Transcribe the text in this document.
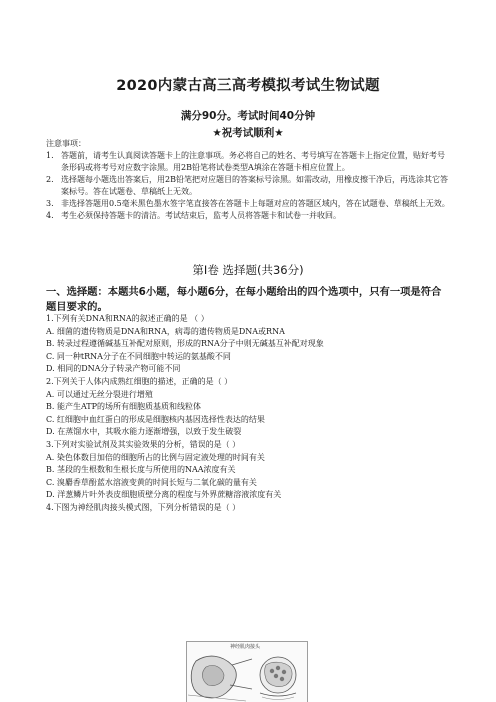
2020内蒙古高三高考模拟考试生物试题
满分90分。考试时间40分钟
★祝考试顺利★
注意事项：
1. 答题前，请考生认真阅读答题卡上的注意事项。务必将自己的姓名、考号填写在答题卡上指定位置，贴好考号条形码或将考号对应数字涂黑。用2B铅笔将试卷类型A填涂在答题卡相应位置上。
2. 选择题每小题选出答案后，用2B铅笔把对应题目的答案标号涂黑。如需改动，用橡皮擦干净后，再选涂其它答案标号。答在试题卷、草稿纸上无效。
3. 非选择答题用0.5毫米黑色墨水签字笔直接答在答题卡上每题对应的答题区域内，答在试题卷、草稿纸上无效。
4. 考生必须保持答题卡的清洁。考试结束后，监考人员将答题卡和试卷一并收回。
第Ⅰ卷 选择题(共36分)
一、选择题：本题共6小题，每小题6分，在每小题给出的四个选项中，只有一项是符合题目要求的。
1.下列有关DNA和RNA的叙述正确的是 （ ）
A. 细菌的遗传物质是DNA和RNA，病毒的遗传物质是DNA或RNA
B. 转录过程遵循碱基互补配对原则，形成的RNA分子中则无碱基互补配对现象
C. 同一种tRNA分子在不同细胞中转运的氨基酸不同
D. 相同的DNA分子转录产物可能不同
2.下列关于人体内成熟红细胞的描述，正确的是（ ）
A. 可以通过无丝分裂进行增殖
B. 能产生ATP的场所有细胞质基质和线粒体
C. 红细胞中血红蛋白的形成是细胞核内基因选择性表达的结果
D. 在蒸馏水中，其吸水能力逐渐增强，以致于发生破裂
3.下列对实验试剂及其实验效果的分析，错误的是（ ）
A. 染色体数目加倍的细胞所占的比例与固定液处理的时间有关
B. 茎段的生根数和生根长度与所使用的NAA浓度有关
C. 溴麝香草酚蓝水溶液变黄的时间长短与二氧化碳的量有关
D. 洋葱鳞片叶外表皮细胞质壁分离的程度与外界蔗糖溶液浓度有关
4.下图为神经肌肉接头模式图，下列分析错误的是（ ）
神经肌肉接头
